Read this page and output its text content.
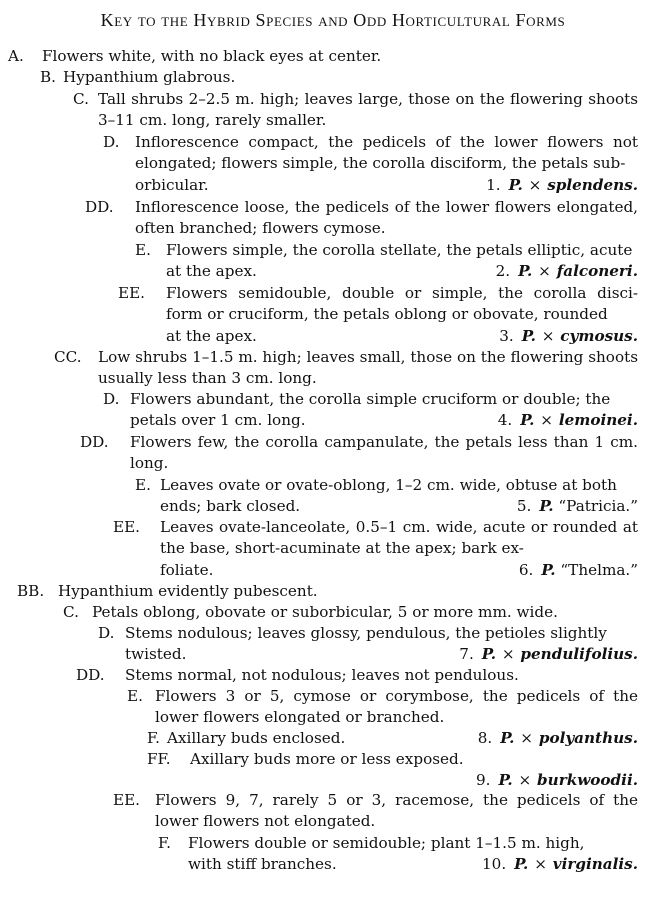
Key to the Hybrid Species and Odd Horticultural Forms
A. Flowers white, with no black eyes at center.
B. Hypanthium glabrous.
C. Tall shrubs 2–2.5 m. high; leaves large, those on the flowering shoots 3–11 cm. long, rarely smaller.
D. Inflorescence compact, the pedicels of the lower flowers not elongated; flowers simple, the corolla disciform, the petals sub-
orbicular.	1. P. × splendens.
DD. Inflorescence loose, the pedicels of the lower flowers elongated, often branched; flowers cymose.
E. Flowers simple, the corolla stellate, the petals elliptic, acute
at the apex.	2. P. × falconeri.
EE. Flowers semidouble, double or simple, the corolla disci- form or cruciform, the petals oblong or obovate, rounded
at the apex.	3. P. × cymosus.
CC. Low shrubs 1–1.5 m. high; leaves small, those on the flowering shoots usually less than 3 cm. long.
D. Flowers abundant, the corolla simple cruciform or double; the
petals over 1 cm. long.	4. P. × lemoinei.
DD. Flowers few, the corolla campanulate, the petals less than 1 cm. long.
E. Leaves ovate or ovate-oblong, 1–2 cm. wide, obtuse at both
ends; bark closed.	5. P. “Patricia.”
EE. Leaves ovate-lanceolate, 0.5–1 cm. wide, acute or rounded at the base, short-acuminate at the apex; bark ex-
foliate.	6. P. “Thelma.”
BB. Hypanthium evidently pubescent.
C. Petals oblong, obovate or suborbicular, 5 or more mm. wide.
D. Stems nodulous; leaves glossy, pendulous, the petioles slightly
twisted.	7. P. × pendulifolius.
DD. Stems normal, not nodulous; leaves not pendulous.
E. Flowers 3 or 5, cymose or corymbose, the pedicels of the lower flowers elongated or branched.
F. Axillary buds enclosed.	8. P. × polyanthus.
FF. Axillary buds more or less exposed.
9. P. × burkwoodii.
EE. Flowers 9, 7, rarely 5 or 3, racemose, the pedicels of the lower flowers not elongated.
F. Flowers double or semidouble; plant 1–1.5 m. high,
with stiff branches.	10. P. × virginalis.
